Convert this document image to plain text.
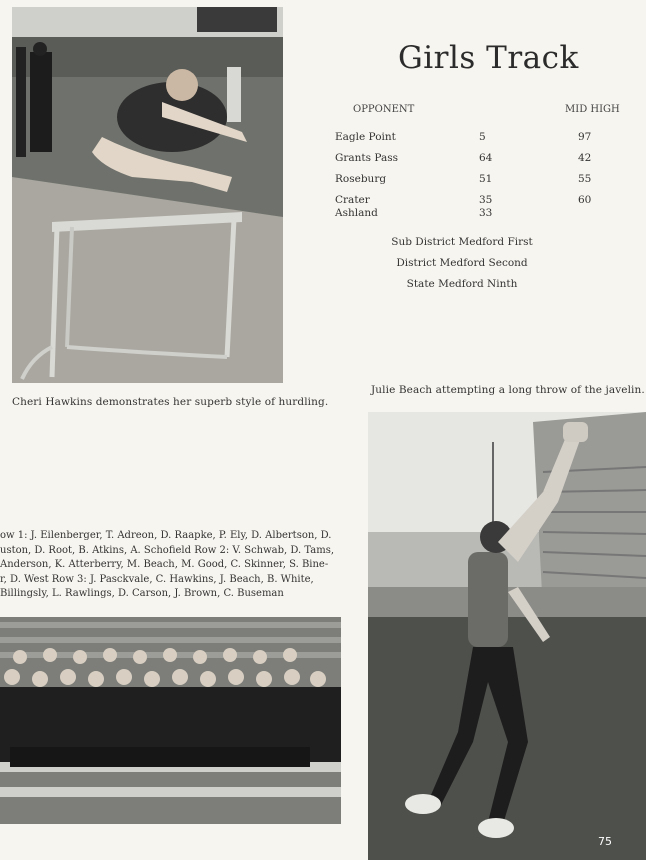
Cheri Hawkins demonstrates her superb style of hurdling.
Girls Track
OPPONENT	MID HIGH
Eagle Point	5	97
Grants Pass	64	42
Roseburg	51	55
Crater	35	60
Ashland	33
Sub District Medford First
District Medford Second
State Medford Ninth
Julie Beach attempting a long throw of the javelin.
ow 1: J. Eilenberger, T. Adreon, D. Raapke, P. Ely, D. Albertson, D.
uston, D. Root, B. Atkins, A. Schofield Row 2: V. Schwab, D. Tams,
Anderson, K. Atterberry, M. Beach, M. Good, C. Skinner, S. Bine-
r, D. West Row 3: J. Pasckvale, C. Hawkins, J. Beach, B. White,
Billingsly, L. Rawlings, D. Carson, J. Brown, C. Buseman
75
